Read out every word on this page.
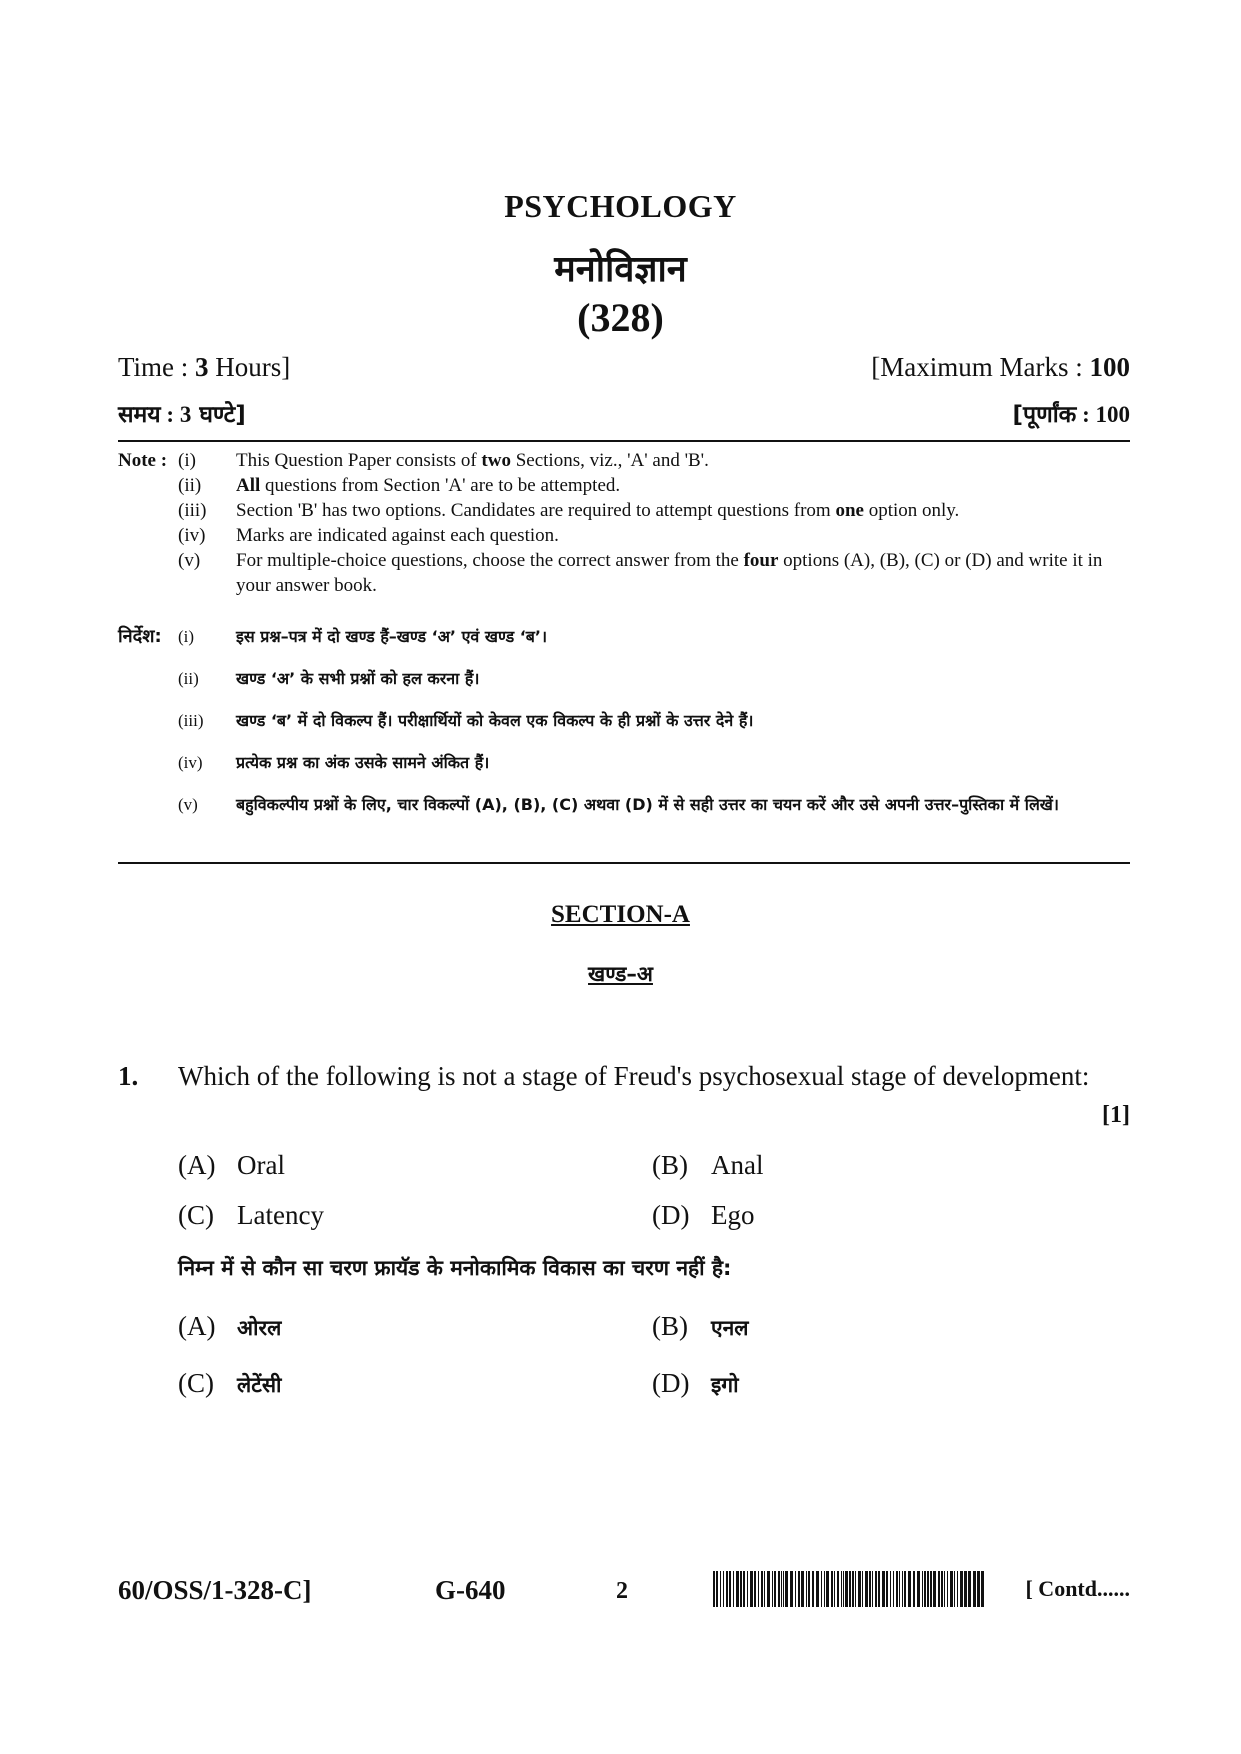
PSYCHOLOGY
मनोविज्ञान
(328)
Time : 3 Hours]	[Maximum Marks : 100
समय : 3 घण्टे]	[पूर्णांक : 100
Note : (i)	This Question Paper consists of two Sections, viz., 'A' and 'B'.
(ii)	All questions from Section 'A' are to be attempted.
(iii)	Section 'B' has two options. Candidates are required to attempt questions from one option only.
(iv)	Marks are indicated against each question.
(v)	For multiple-choice questions, choose the correct answer from the four options (A), (B), (C) or (D) and write it in your answer book.
निर्देश: (i)	इस प्रश्न–पत्र में दो खण्ड हैं–खण्ड ‘अ’ एवं खण्ड ‘ब’।
(ii)	खण्ड ‘अ’ के सभी प्रश्नों को हल करना हैं।
(iii)	खण्ड ‘ब’ में दो विकल्प हैं। परीक्षार्थियों को केवल एक विकल्प के ही प्रश्नों के उत्तर देने हैं।
(iv)	प्रत्येक प्रश्न का अंक उसके सामने अंकित हैं।
(v)	बहुविकल्पीय प्रश्नों के लिए, चार विकल्पों (A), (B), (C) अथवा (D) में से सही उत्तर का चयन करें और उसे अपनी उत्तर–पुस्तिका में लिखें।
SECTION-A
खण्ड–अ
1. Which of the following is not a stage of Freud's psychosexual stage of development:
[1]
(A) Oral	(B) Anal
(C) Latency	(D) Ego
निम्न में से कौन सा चरण फ्रायॅड के मनोकामिक विकास का चरण नहीं है:
(A)	ओरल	(B)	एनल
(C)	लेटेंसी	(D)	इगो
60/OSS/1-328-C]	G-640	2	[ Contd......
